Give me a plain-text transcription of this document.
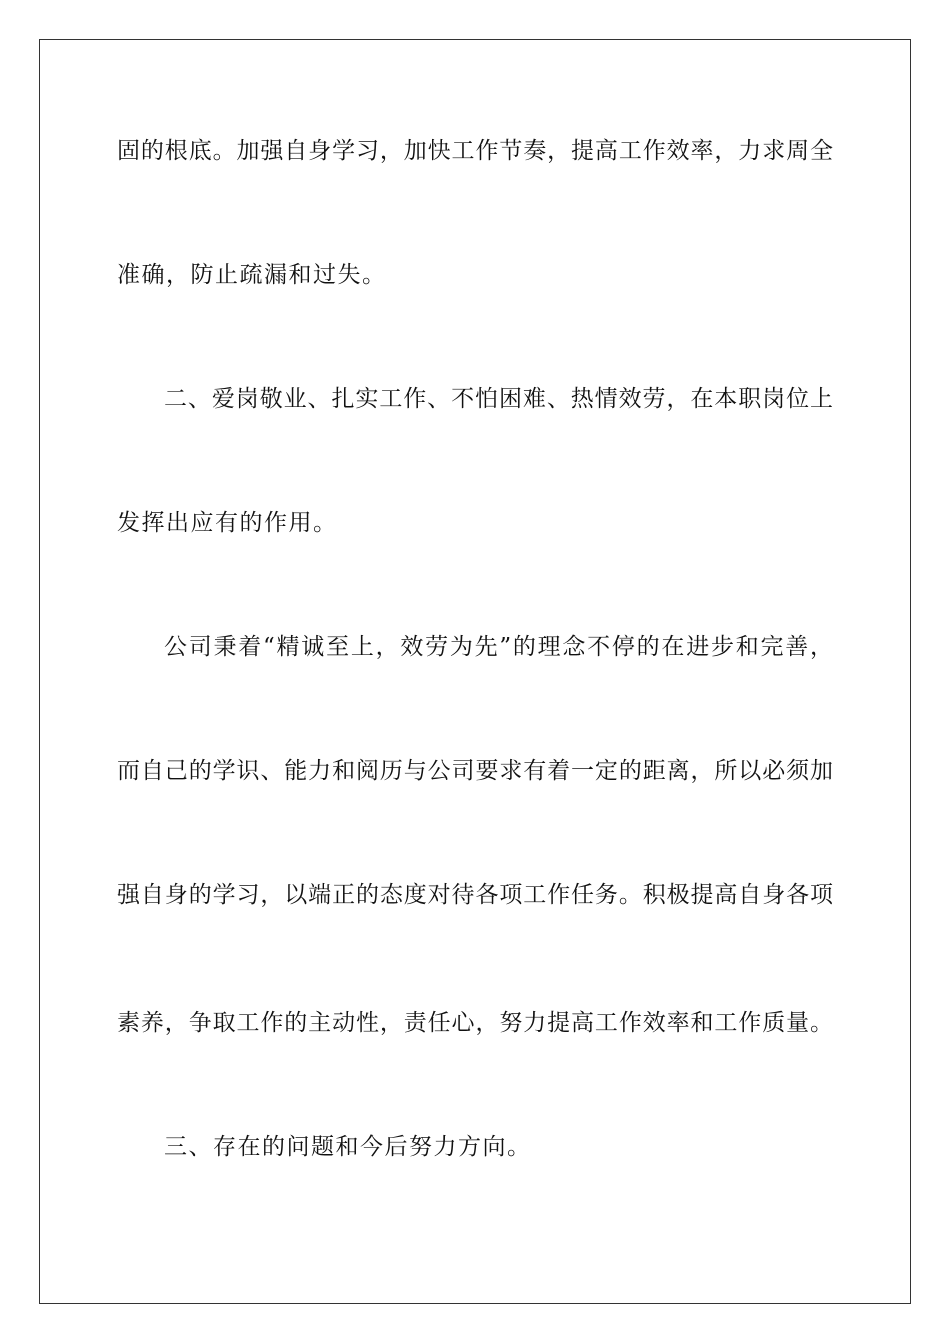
固的根底。加强自身学习，加快工作节奏，提高工作效率，力求周全
准确，防止疏漏和过失。
二、爱岗敬业、扎实工作、不怕困难、热情效劳，在本职岗位上
发挥出应有的作用。
公司秉着“精诚至上，效劳为先”的理念不停的在进步和完善，
而自己的学识、能力和阅历与公司要求有着一定的距离，所以必须加
强自身的学习，以端正的态度对待各项工作任务。积极提高自身各项
素养，争取工作的主动性，责任心，努力提高工作效率和工作质量。
三、存在的问题和今后努力方向。
